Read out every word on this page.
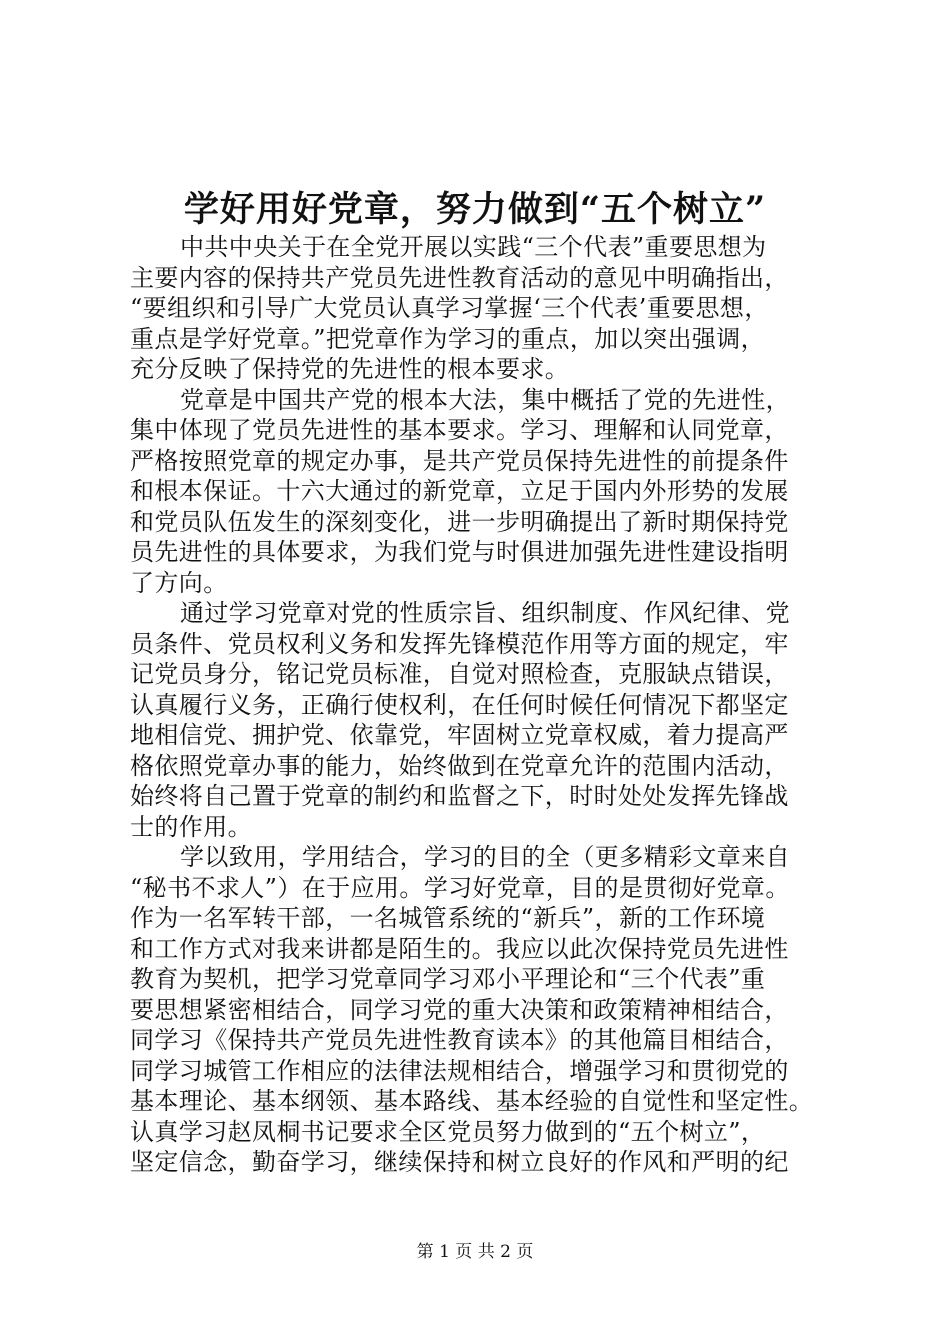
学好用好党章，努力做到“五个树立”
中共中央关于在全党开展以实践“三个代表”重要思想为
主要内容的保持共产党员先进性教育活动的意见中明确指出，
“要组织和引导广大党员认真学习掌握‘三个代表’重要思想，
重点是学好党章。”把党章作为学习的重点，加以突出强调，
充分反映了保持党的先进性的根本要求。
党章是中国共产党的根本大法，集中概括了党的先进性，
集中体现了党员先进性的基本要求。学习、理解和认同党章，
严格按照党章的规定办事，是共产党员保持先进性的前提条件
和根本保证。十六大通过的新党章，立足于国内外形势的发展
和党员队伍发生的深刻变化，进一步明确提出了新时期保持党
员先进性的具体要求，为我们党与时俱进加强先进性建设指明
了方向。
通过学习党章对党的性质宗旨、组织制度、作风纪律、党
员条件、党员权利义务和发挥先锋模范作用等方面的规定，牢
记党员身分，铭记党员标准，自觉对照检查，克服缺点错误，
认真履行义务，正确行使权利，在任何时候任何情况下都坚定
地相信党、拥护党、依靠党，牢固树立党章权威，着力提高严
格依照党章办事的能力，始终做到在党章允许的范围内活动，
始终将自己置于党章的制约和监督之下，时时处处发挥先锋战
士的作用。
学以致用，学用结合，学习的目的全（更多精彩文章来自
“秘书不求人”）在于应用。学习好党章，目的是贯彻好党章。
作为一名军转干部，一名城管系统的“新兵”，新的工作环境
和工作方式对我来讲都是陌生的。我应以此次保持党员先进性
教育为契机，把学习党章同学习邓小平理论和“三个代表”重
要思想紧密相结合，同学习党的重大决策和政策精神相结合，
同学习《保持共产党员先进性教育读本》的其他篇目相结合，
同学习城管工作相应的法律法规相结合，增强学习和贯彻党的
基本理论、基本纲领、基本路线、基本经验的自觉性和坚定性。
认真学习赵凤桐书记要求全区党员努力做到的“五个树立”，
坚定信念，勤奋学习，继续保持和树立良好的作风和严明的纪
第 1 页 共 2 页
